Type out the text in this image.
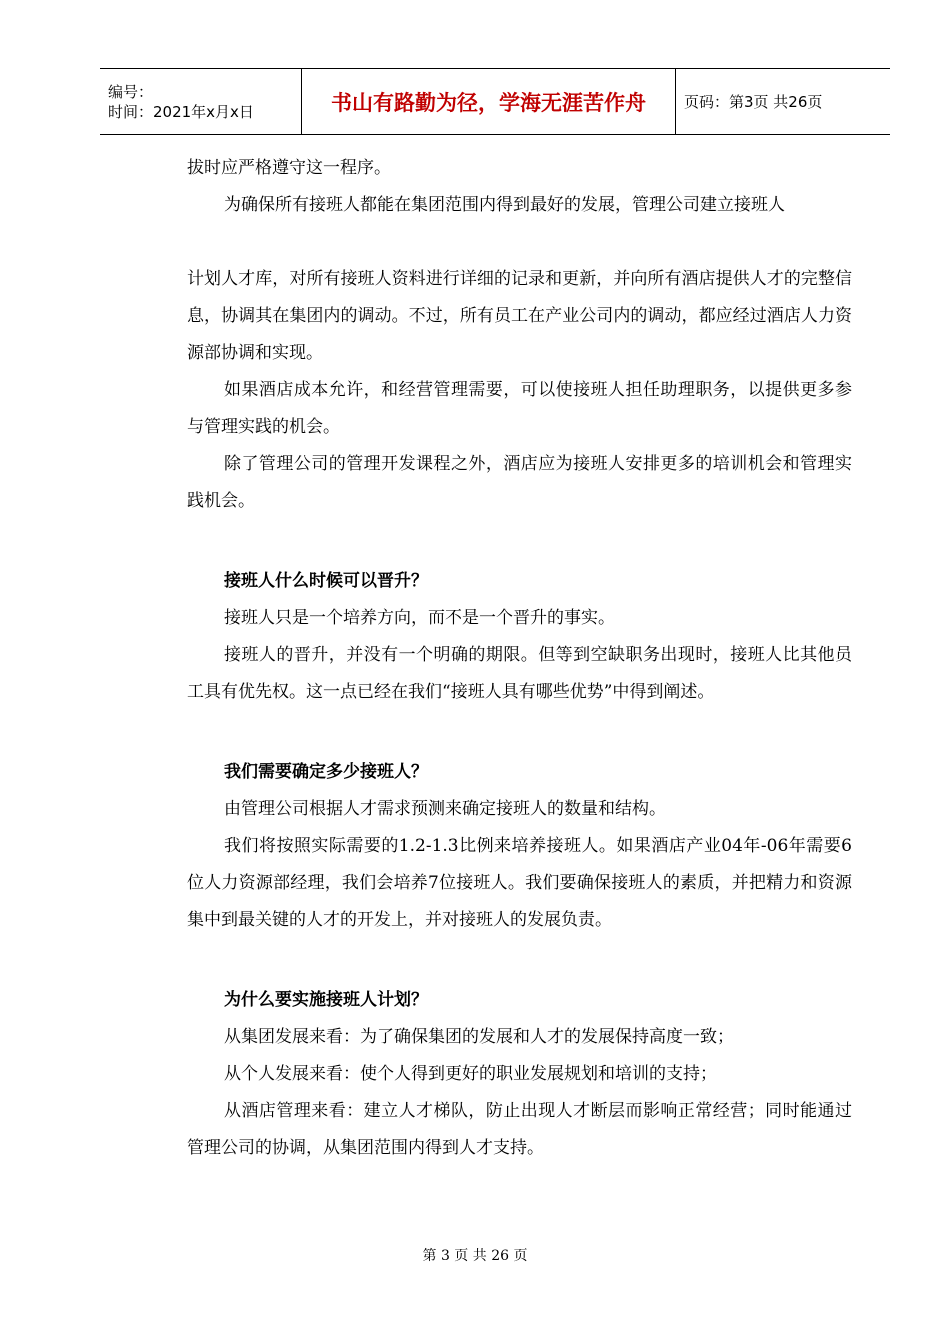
编号：
时间：2021年x月x日	书山有路勤为径，学海无涯苦作舟	页码：第3页 共26页

拔时应严格遵守这一程序。

为确保所有接班人都能在集团范围内得到最好的发展，管理公司建立接班人

计划人才库，对所有接班人资料进行详细的记录和更新，并向所有酒店提供人才的完整信息，协调其在集团内的调动。不过，所有员工在产业公司内的调动，都应经过酒店人力资源部协调和实现。

如果酒店成本允许，和经营管理需要，可以使接班人担任助理职务，以提供更多参与管理实践的机会。

除了管理公司的管理开发课程之外，酒店应为接班人安排更多的培训机会和管理实践机会。

接班人什么时候可以晋升？

接班人只是一个培养方向，而不是一个晋升的事实。

接班人的晋升，并没有一个明确的期限。但等到空缺职务出现时，接班人比其他员工具有优先权。这一点已经在我们“接班人具有哪些优势”中得到阐述。

我们需要确定多少接班人？

由管理公司根据人才需求预测来确定接班人的数量和结构。

我们将按照实际需要的1.2-1.3比例来培养接班人。如果酒店产业04年-06年需要6位人力资源部经理，我们会培养7位接班人。我们要确保接班人的素质，并把精力和资源集中到最关键的人才的开发上，并对接班人的发展负责。

为什么要实施接班人计划？

从集团发展来看：为了确保集团的发展和人才的发展保持高度一致；

从个人发展来看：使个人得到更好的职业发展规划和培训的支持；

从酒店管理来看：建立人才梯队，防止出现人才断层而影响正常经营；同时能通过管理公司的协调，从集团范围内得到人才支持。

第 3 页 共 26 页
